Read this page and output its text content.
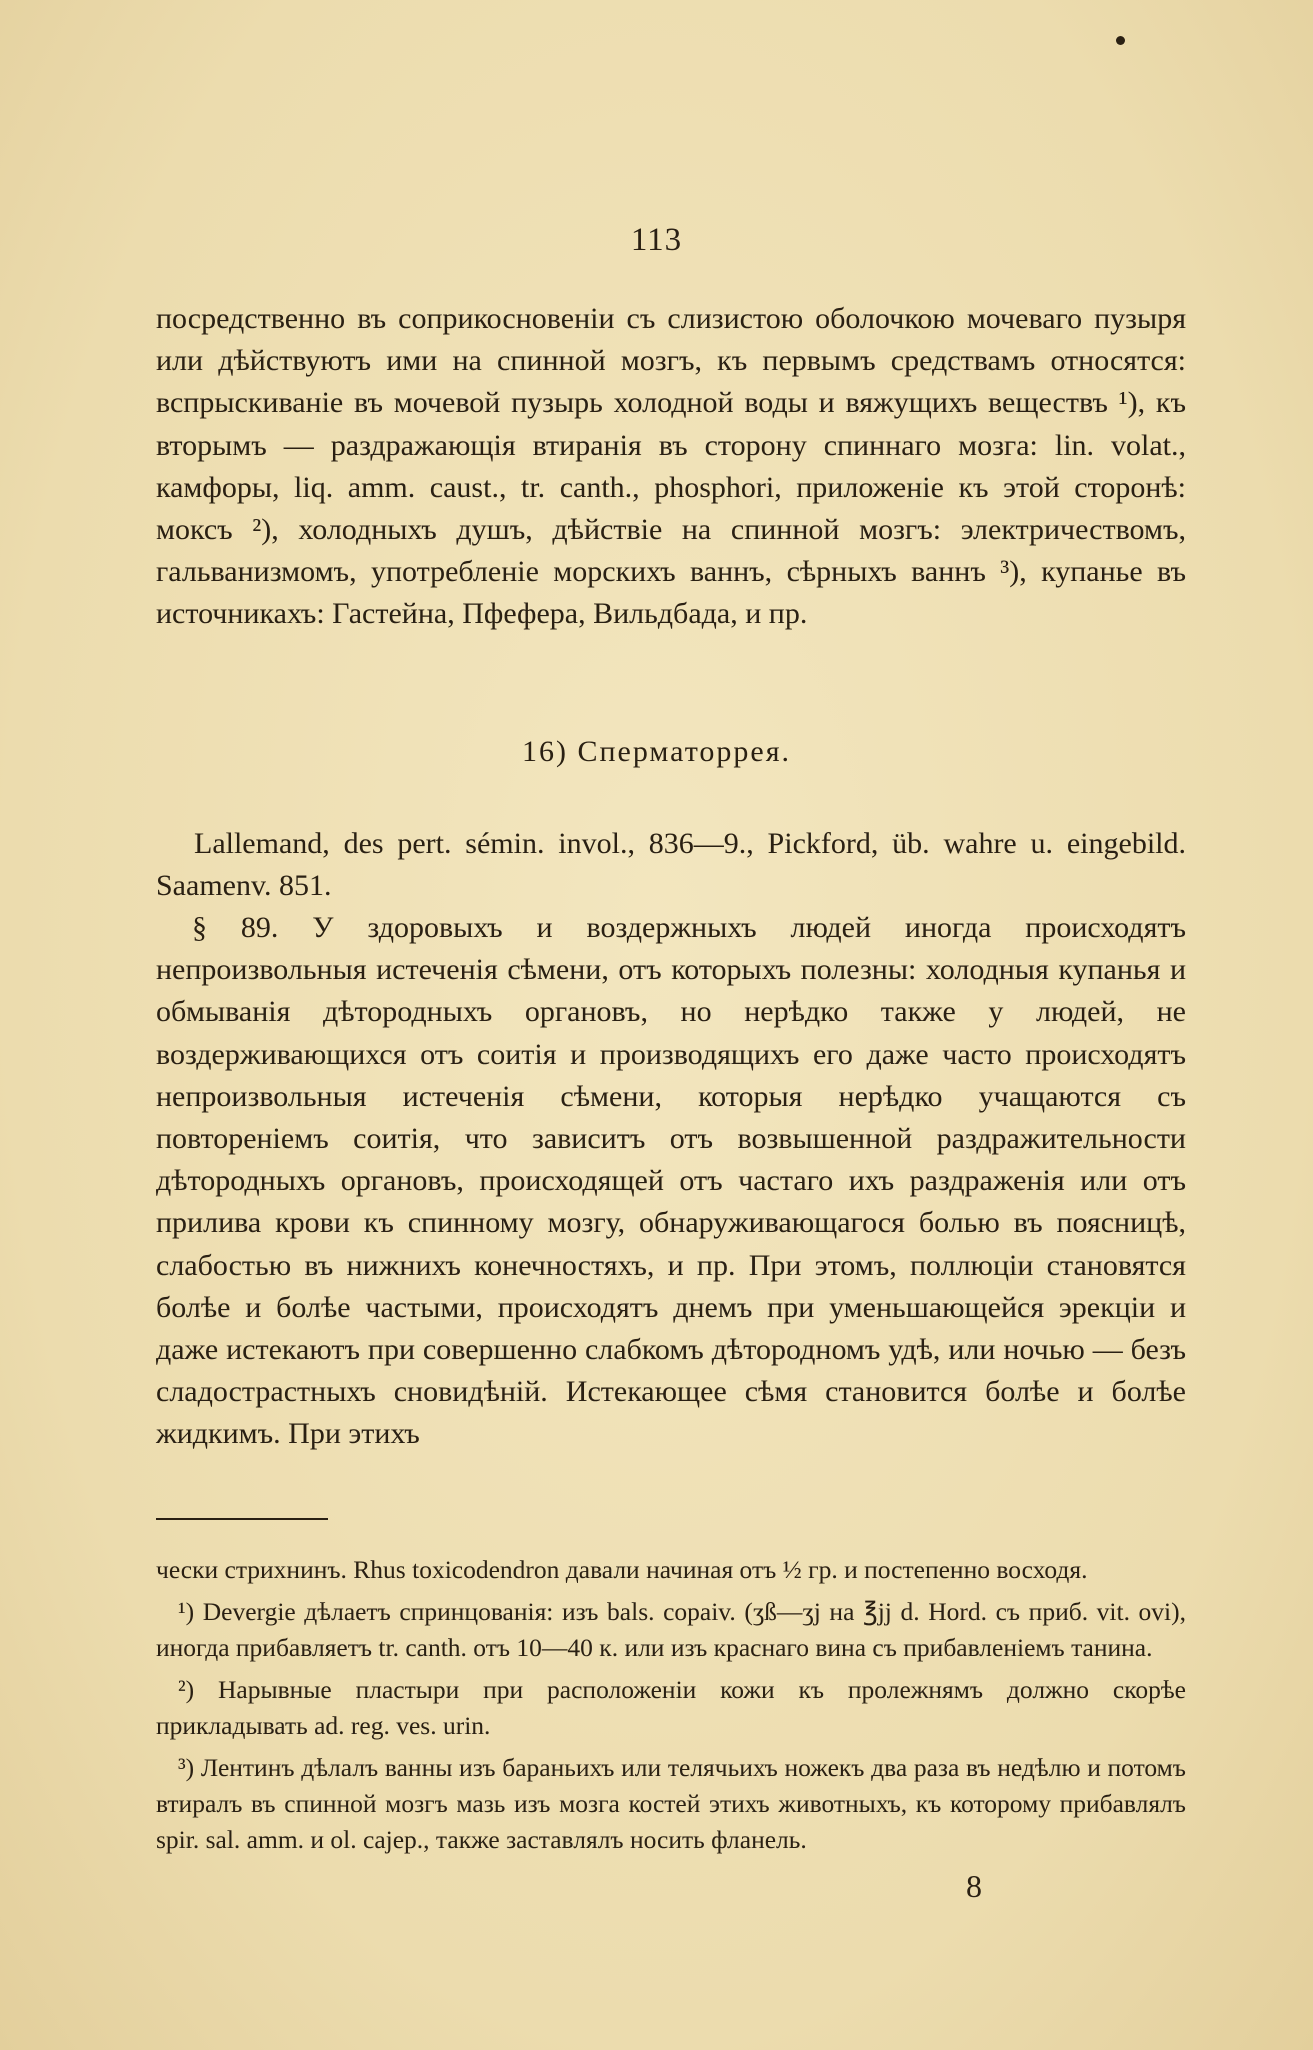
113

посредственно въ соприкосновенiи съ слизистою оболочкою мочеваго пузыря или дѣйствуютъ ими на спинной мозгъ, къ первымъ средствамъ относятся: вспрыскиванiе въ мочевой пузырь холодной воды и вяжущихъ веществъ ¹), къ вторымъ — раздражающiя втиранiя въ сторону спиннаго мозга: lin. volat., камфоры, liq. amm. caust., tr. canth., phosphori, приложенiе къ этой сторонѣ: моксъ ²), холодныхъ душъ, дѣйствiе на спинной мозгъ: электричествомъ, гальванизмомъ, употребленiе морскихъ ваннъ, сѣрныхъ ваннъ ³), купанье въ источникахъ: Гастейна, Пфефера, Вильдбада, и пр.

16) Сперматоррея.

Lallemand, des pert. sémin. invol., 836—9., Pickford, üb. wahre u. eingebild. Saamenv. 851.

§ 89. У здоровыхъ и воздержныхъ людей иногда происходятъ непроизвольныя истеченiя сѣмени, отъ которыхъ полезны: холодныя купанья и обмыванiя дѣтородныхъ органовъ, но нерѣдко также у людей, не воздерживающихся отъ соитiя и производящихъ его даже часто происходятъ непроизвольныя истеченiя сѣмени, которыя нерѣдко учащаются съ повторенiемъ соитiя, что зависитъ отъ возвышенной раздражительности дѣтородныхъ органовъ, происходящей отъ частаго ихъ раздраженiя или отъ прилива крови къ спинному мозгу, обнаруживающагося болью въ поясницѣ, слабостью въ нижнихъ конечностяхъ, и пр. При этомъ, поллюцiи становятся болѣе и болѣе частыми, происходятъ днемъ при уменьшающейся эрекцiи и даже истекаютъ при совершенно слабкомъ дѣтородномъ удѣ, или ночью — безъ сладострастныхъ сновидѣнiй. Истекающее сѣмя становится болѣе и болѣе жидкимъ. При этихъ

чески стрихнинъ. Rhus toxicodendron давали начиная отъ ½ гр. и постепенно восходя.

¹) Devergie дѣлаетъ спринцованiя: изъ bals. copaiv. (ʒß—ʒj на ℥jj d. Hord. съ приб. vit. ovi), иногда прибавляетъ tr. canth. отъ 10—40 к. или изъ краснаго вина съ прибавленiемъ танина.

²) Нарывные пластыри при расположенiи кожи къ пролежнямъ должно скорѣе прикладывать ad. reg. ves. urin.

³) Лентинъ дѣлалъ ванны изъ бараньихъ или телячьихъ ножекъ два раза въ недѣлю и потомъ втиралъ въ спинной мозгъ мазь изъ мозга костей этихъ животныхъ, къ которому прибавлялъ spir. sal. amm. и ol. cajep., также заставлялъ носить фланель.

8
